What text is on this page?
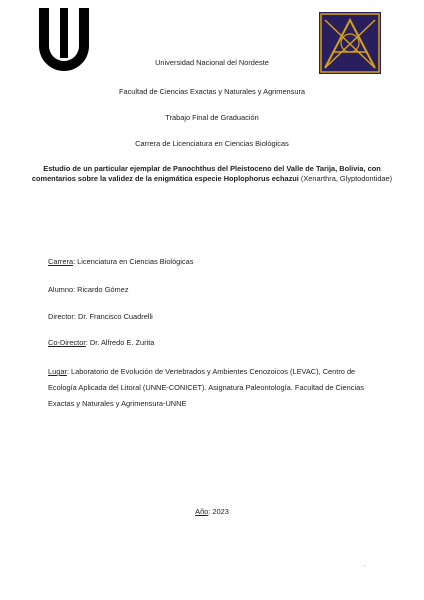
Universidad Nacional del Nordeste
Facultad de Ciencias Exactas y Naturales y Agrimensura
Trabajo Final de Graduación
Carrera de Licenciatura en Ciencias Biológicas
Estudio de un particular ejemplar de Panochthus del Pleistoceno del Valle de Tarija, Bolivia, con comentarios sobre la validez de la enigmática especie Hoplophorus echazui (Xenarthra, Glyptodontidae)
Carrera: Licenciatura en Ciencias Biológicas
Alumno: Ricardo Gómez
Director: Dr. Francisco Cuadrelli
Co-Director: Dr. Alfredo E. Zurita
Lugar: Laboratorio de Evolución de Vertebrados y Ambientes Cenozoicos (LEVAC), Centro de Ecología Aplicada del Litoral (UNNE-CONICET). Asignatura Paleontología. Facultad de Ciencias Exactas y Naturales y Agrimensura-UNNE
Año: 2023
.
